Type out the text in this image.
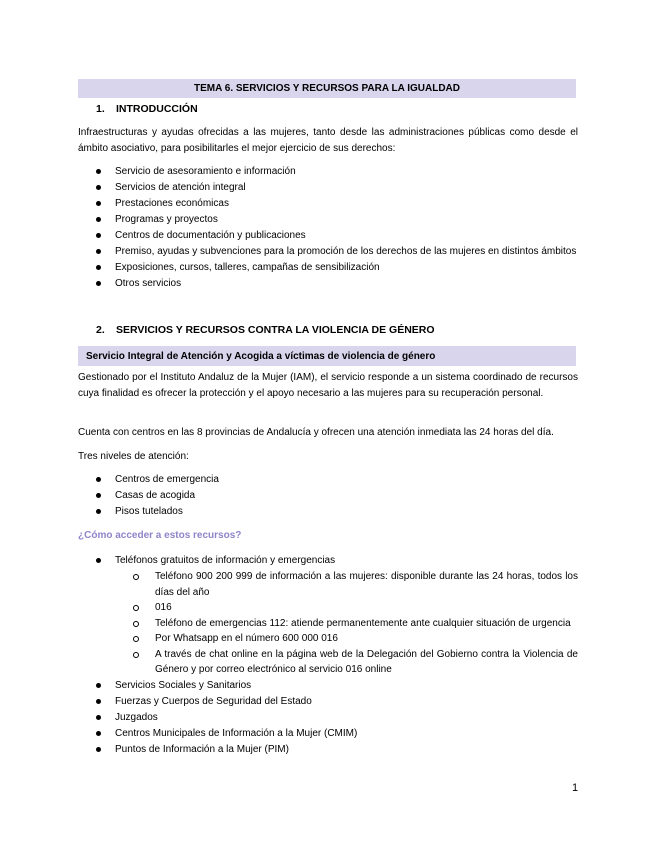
TEMA 6. SERVICIOS Y RECURSOS PARA LA IGUALDAD
1. INTRODUCCIÓN
Infraestructuras y ayudas ofrecidas a las mujeres, tanto desde las administraciones públicas como desde el ámbito asociativo, para posibilitarles el mejor ejercicio de sus derechos:
Servicio de asesoramiento e información
Servicios de atención integral
Prestaciones económicas
Programas y proyectos
Centros de documentación y publicaciones
Premiso, ayudas y subvenciones para la promoción de los derechos de las mujeres en distintos ámbitos
Exposiciones, cursos, talleres, campañas de sensibilización
Otros servicios
2. SERVICIOS Y RECURSOS CONTRA LA VIOLENCIA DE GÉNERO
Servicio Integral de Atención y Acogida a víctimas de violencia de género
Gestionado por el Instituto Andaluz de la Mujer (IAM), el servicio responde a un sistema coordinado de recursos cuya finalidad es ofrecer la protección y el apoyo necesario a las mujeres para su recuperación personal.
Cuenta con centros en las 8 provincias de Andalucía y ofrecen una atención inmediata las 24 horas del día.
Tres niveles de atención:
Centros de emergencia
Casas de acogida
Pisos tutelados
¿Cómo acceder a estos recursos?
Teléfonos gratuitos de información y emergencias
Teléfono 900 200 999 de información a las mujeres: disponible durante las 24 horas, todos los días del año
016
Teléfono de emergencias 112: atiende permanentemente ante cualquier situación de urgencia
Por Whatsapp en el número 600 000 016
A través de chat online en la página web de la Delegación del Gobierno contra la Violencia de Género y por correo electrónico al servicio 016 online
Servicios Sociales y Sanitarios
Fuerzas y Cuerpos de Seguridad del Estado
Juzgados
Centros Municipales de Información a la Mujer (CMIM)
Puntos de Información a la Mujer (PIM)
1
